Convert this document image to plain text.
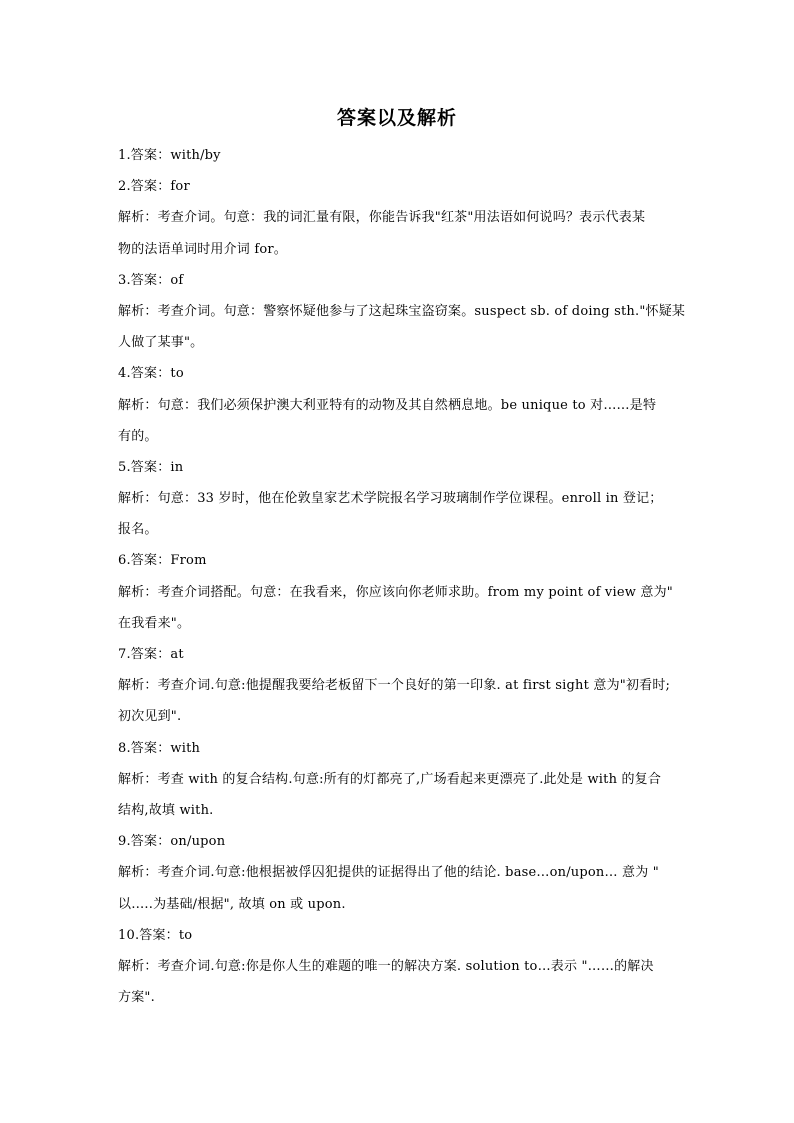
答案以及解析
1.答案：with/by
2.答案：for
解析：考查介词。句意：我的词汇量有限，你能告诉我"红茶"用法语如何说吗？表示代表某
物的法语单词时用介词 for。
3.答案：of
解析：考查介词。句意：警察怀疑他参与了这起珠宝盗窃案。suspect sb. of doing sth."怀疑某
人做了某事"。
4.答案：to
解析：句意：我们必须保护澳大利亚特有的动物及其自然栖息地。be unique to 对……是特
有的。
5.答案：in
解析：句意：33 岁时，他在伦敦皇家艺术学院报名学习玻璃制作学位课程。enroll in 登记；
报名。
6.答案：From
解析：考查介词搭配。句意：在我看来，你应该向你老师求助。from my point of view 意为"
在我看来"。
7.答案：at
解析：考查介词.句意:他提醒我要给老板留下一个良好的第一印象. at first sight 意为"初看时;
初次见到".
8.答案：with
解析：考查 with 的复合结构.句意:所有的灯都亮了,广场看起来更漂亮了.此处是 with 的复合
结构,故填 with.
9.答案：on/upon
解析：考查介词.句意:他根据被俘囚犯提供的证据得出了他的结论. base…on/upon… 意为 "
以…..为基础/根据", 故填 on 或 upon.
10.答案：to
解析：考查介词.句意:你是你人生的难题的唯一的解决方案. solution to…表示 "……的解决
方案".
